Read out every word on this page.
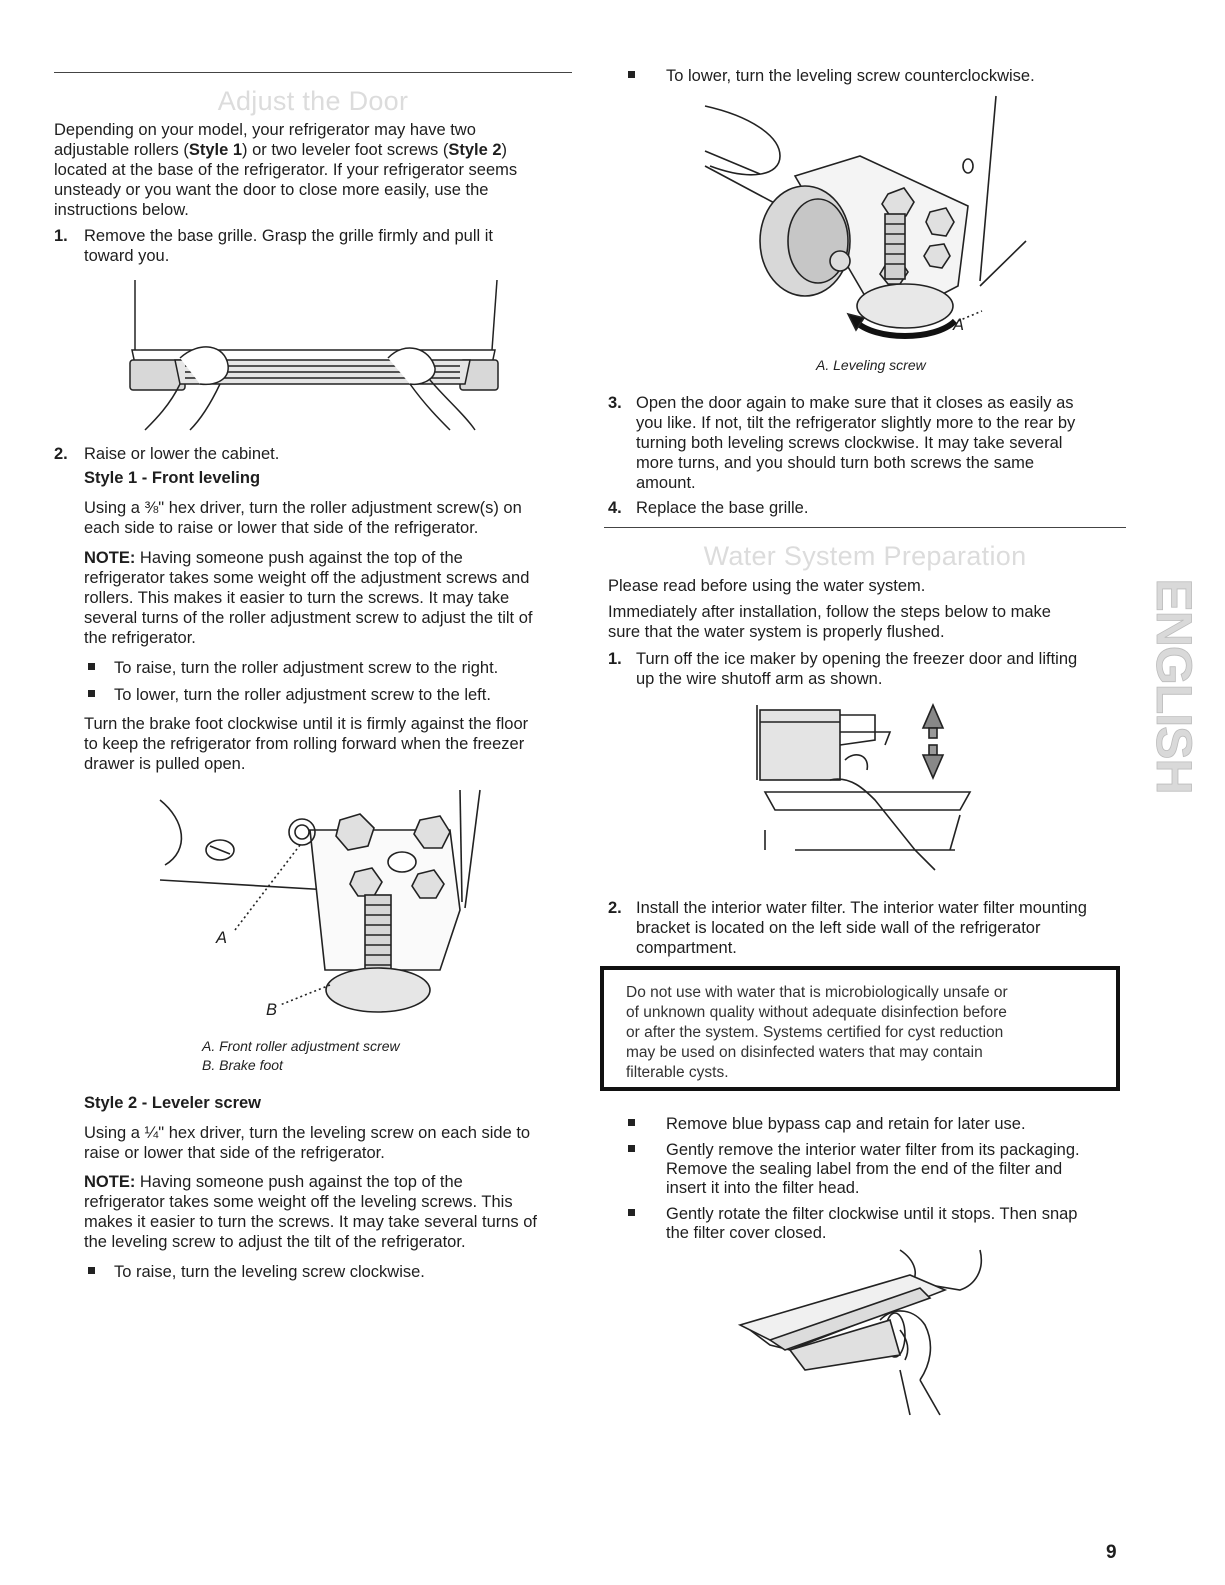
Adjust the Door

Depending on your model, your refrigerator may have two

adjustable rollers (Style 1) or two leveler foot screws (Style 2)

located at the base of the refrigerator. If your refrigerator seems

unsteady or you want the door to close more easily, use the

instructions below.

1. Remove the base grille. Grasp the grille firmly and pull it

toward you.

2. Raise or lower the cabinet.

Style 1 - Front leveling

Using a ⅜" hex driver, turn the roller adjustment screw(s) on

each side to raise or lower that side of the refrigerator.

NOTE: Having someone push against the top of the

refrigerator takes some weight off the adjustment screws and

rollers. This makes it easier to turn the screws. It may take

several turns of the roller adjustment screw to adjust the tilt of

the refrigerator.

To raise, turn the roller adjustment screw to the right.

To lower, turn the roller adjustment screw to the left.

Turn the brake foot clockwise until it is firmly against the floor

to keep the refrigerator from rolling forward when the freezer

drawer is pulled open.

A

B

A. Front roller adjustment screw

B. Brake foot

Style 2 - Leveler screw

Using a ¼" hex driver, turn the leveling screw on each side to

raise or lower that side of the refrigerator.

NOTE: Having someone push against the top of the

refrigerator takes some weight off the leveling screws. This

makes it easier to turn the screws. It may take several turns of

the leveling screw to adjust the tilt of the refrigerator.

To raise, turn the leveling screw clockwise.

To lower, turn the leveling screw counterclockwise.

A

A. Leveling screw

3. Open the door again to make sure that it closes as easily as

you like. If not, tilt the refrigerator slightly more to the rear by

turning both leveling screws clockwise. It may take several

more turns, and you should turn both screws the same

amount.

4. Replace the base grille.

Water System Preparation

Please read before using the water system.

Immediately after installation, follow the steps below to make

sure that the water system is properly flushed.

1. Turn off the ice maker by opening the freezer door and lifting

up the wire shutoff arm as shown.

2. Install the interior water filter. The interior water filter mounting

bracket is located on the left side wall of the refrigerator

compartment.

Do not use with water that is microbiologically unsafe or
of unknown quality without adequate disinfection before
or after the system. Systems certified for cyst reduction
may be used on disinfected waters that may contain
filterable cysts.

Remove blue bypass cap and retain for later use.

Gently remove the interior water filter from its packaging.

Remove the sealing label from the end of the filter and

insert it into the filter head.

Gently rotate the filter clockwise until it stops. Then snap

the filter cover closed.

ENGLISH
9
